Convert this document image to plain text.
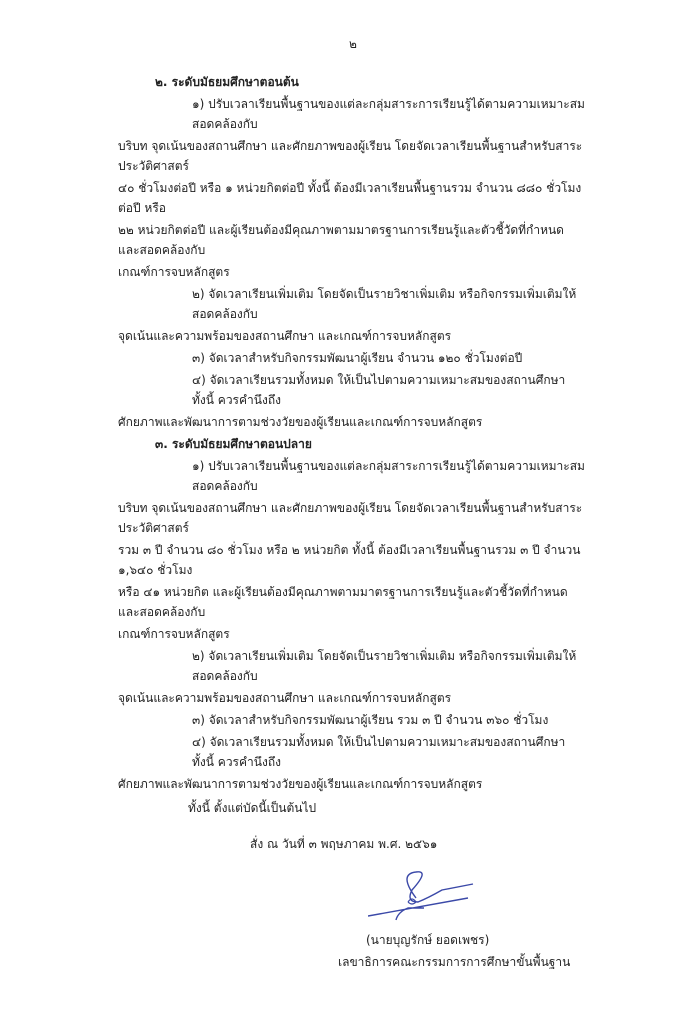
๒
๒. ระดับมัธยมศึกษาตอนต้น
๑) ปรับเวลาเรียนพื้นฐานของแต่ละกลุ่มสาระการเรียนรู้ได้ตามความเหมาะสม สอดคล้องกับ
บริบท จุดเน้นของสถานศึกษา และศักยภาพของผู้เรียน โดยจัดเวลาเรียนพื้นฐานสำหรับสาระประวัติศาสตร์
๔๐ ชั่วโมงต่อปี หรือ ๑ หน่วยกิตต่อปี ทั้งนี้ ต้องมีเวลาเรียนพื้นฐานรวม จำนวน ๘๘๐ ชั่วโมงต่อปี หรือ
๒๒ หน่วยกิตต่อปี และผู้เรียนต้องมีคุณภาพตามมาตรฐานการเรียนรู้และตัวชี้วัดที่กำหนด และสอดคล้องกับ
เกณฑ์การจบหลักสูตร
๒) จัดเวลาเรียนเพิ่มเติม โดยจัดเป็นรายวิชาเพิ่มเติม หรือกิจกรรมเพิ่มเติมให้สอดคล้องกับ
จุดเน้นและความพร้อมของสถานศึกษา และเกณฑ์การจบหลักสูตร
๓) จัดเวลาสำหรับกิจกรรมพัฒนาผู้เรียน จำนวน ๑๒๐ ชั่วโมงต่อปี
๔) จัดเวลาเรียนรวมทั้งหมด ให้เป็นไปตามความเหมาะสมของสถานศึกษา ทั้งนี้ ควรคำนึงถึง
ศักยภาพและพัฒนาการตามช่วงวัยของผู้เรียนและเกณฑ์การจบหลักสูตร
๓. ระดับมัธยมศึกษาตอนปลาย
๑) ปรับเวลาเรียนพื้นฐานของแต่ละกลุ่มสาระการเรียนรู้ได้ตามความเหมาะสม สอดคล้องกับ
บริบท จุดเน้นของสถานศึกษา และศักยภาพของผู้เรียน โดยจัดเวลาเรียนพื้นฐานสำหรับสาระประวัติศาสตร์
รวม ๓ ปี จำนวน ๘๐ ชั่วโมง หรือ ๒ หน่วยกิต ทั้งนี้ ต้องมีเวลาเรียนพื้นฐานรวม ๓ ปี จำนวน ๑,๖๔๐ ชั่วโมง
หรือ ๔๑ หน่วยกิต และผู้เรียนต้องมีคุณภาพตามมาตรฐานการเรียนรู้และตัวชี้วัดที่กำหนด และสอดคล้องกับ
เกณฑ์การจบหลักสูตร
๒) จัดเวลาเรียนเพิ่มเติม โดยจัดเป็นรายวิชาเพิ่มเติม หรือกิจกรรมเพิ่มเติมให้สอดคล้องกับ
จุดเน้นและความพร้อมของสถานศึกษา และเกณฑ์การจบหลักสูตร
๓) จัดเวลาสำหรับกิจกรรมพัฒนาผู้เรียน รวม ๓ ปี จำนวน ๓๖๐ ชั่วโมง
๔) จัดเวลาเรียนรวมทั้งหมด ให้เป็นไปตามความเหมาะสมของสถานศึกษา ทั้งนี้ ควรคำนึงถึง
ศักยภาพและพัฒนาการตามช่วงวัยของผู้เรียนและเกณฑ์การจบหลักสูตร
ทั้งนี้ ตั้งแต่บัดนี้เป็นต้นไป
สั่ง ณ วันที่ ๓ พฤษภาคม พ.ศ. ๒๕๖๑
(นายบุญรักษ์ ยอดเพชร)
เลขาธิการคณะกรรมการการศึกษาขั้นพื้นฐาน
